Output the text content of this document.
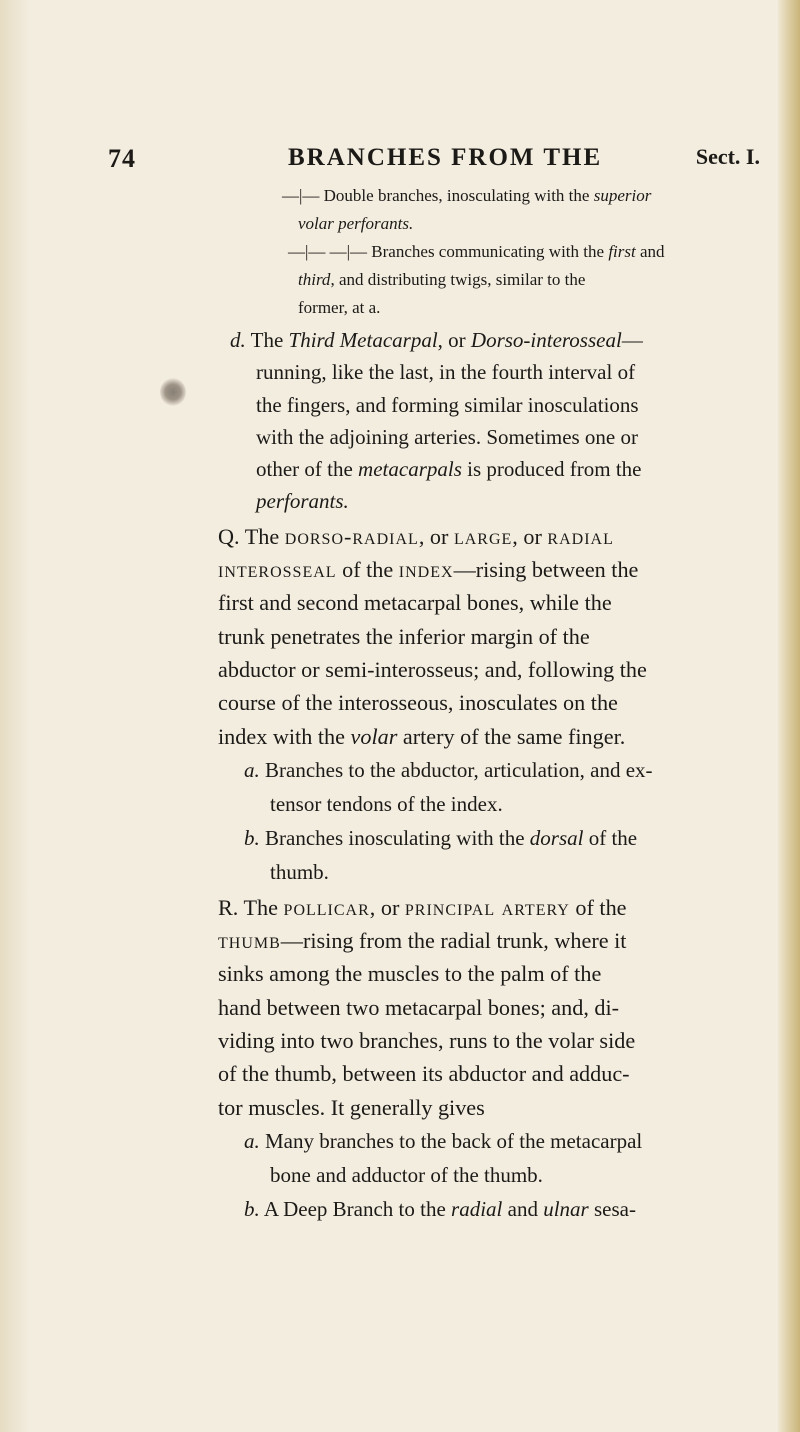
74	BRANCHES FROM THE	Sect. I.

—|— Double branches, inosculating with the superior

volar perforants.

—|— —|— Branches communicating with the first and

third, and distributing twigs, similar to the

former, at a.

d. The Third Metacarpal, or Dorso-interosseal—

running, like the last, in the fourth interval of

the fingers, and forming similar inosculations

with the adjoining arteries. Sometimes one or

other of the metacarpals is produced from the

perforants.

Q. The dorso-radial, or large, or radial

interosseal of the index—rising between the

first and second metacarpal bones, while the

trunk penetrates the inferior margin of the

abductor or semi-interosseus; and, following the

course of the interosseous, inosculates on the

index with the volar artery of the same finger.

a. Branches to the abductor, articulation, and ex-
tensor tendons of the index.

b. Branches inosculating with the dorsal of the
thumb.

R. The pollicar, or principal artery of the

thumb—rising from the radial trunk, where it

sinks among the muscles to the palm of the

hand between two metacarpal bones; and, di-

viding into two branches, runs to the volar side

of the thumb, between its abductor and adduc-

tor muscles. It generally gives

a. Many branches to the back of the metacarpal
bone and adductor of the thumb.

b. A Deep Branch to the radial and ulnar sesa-
